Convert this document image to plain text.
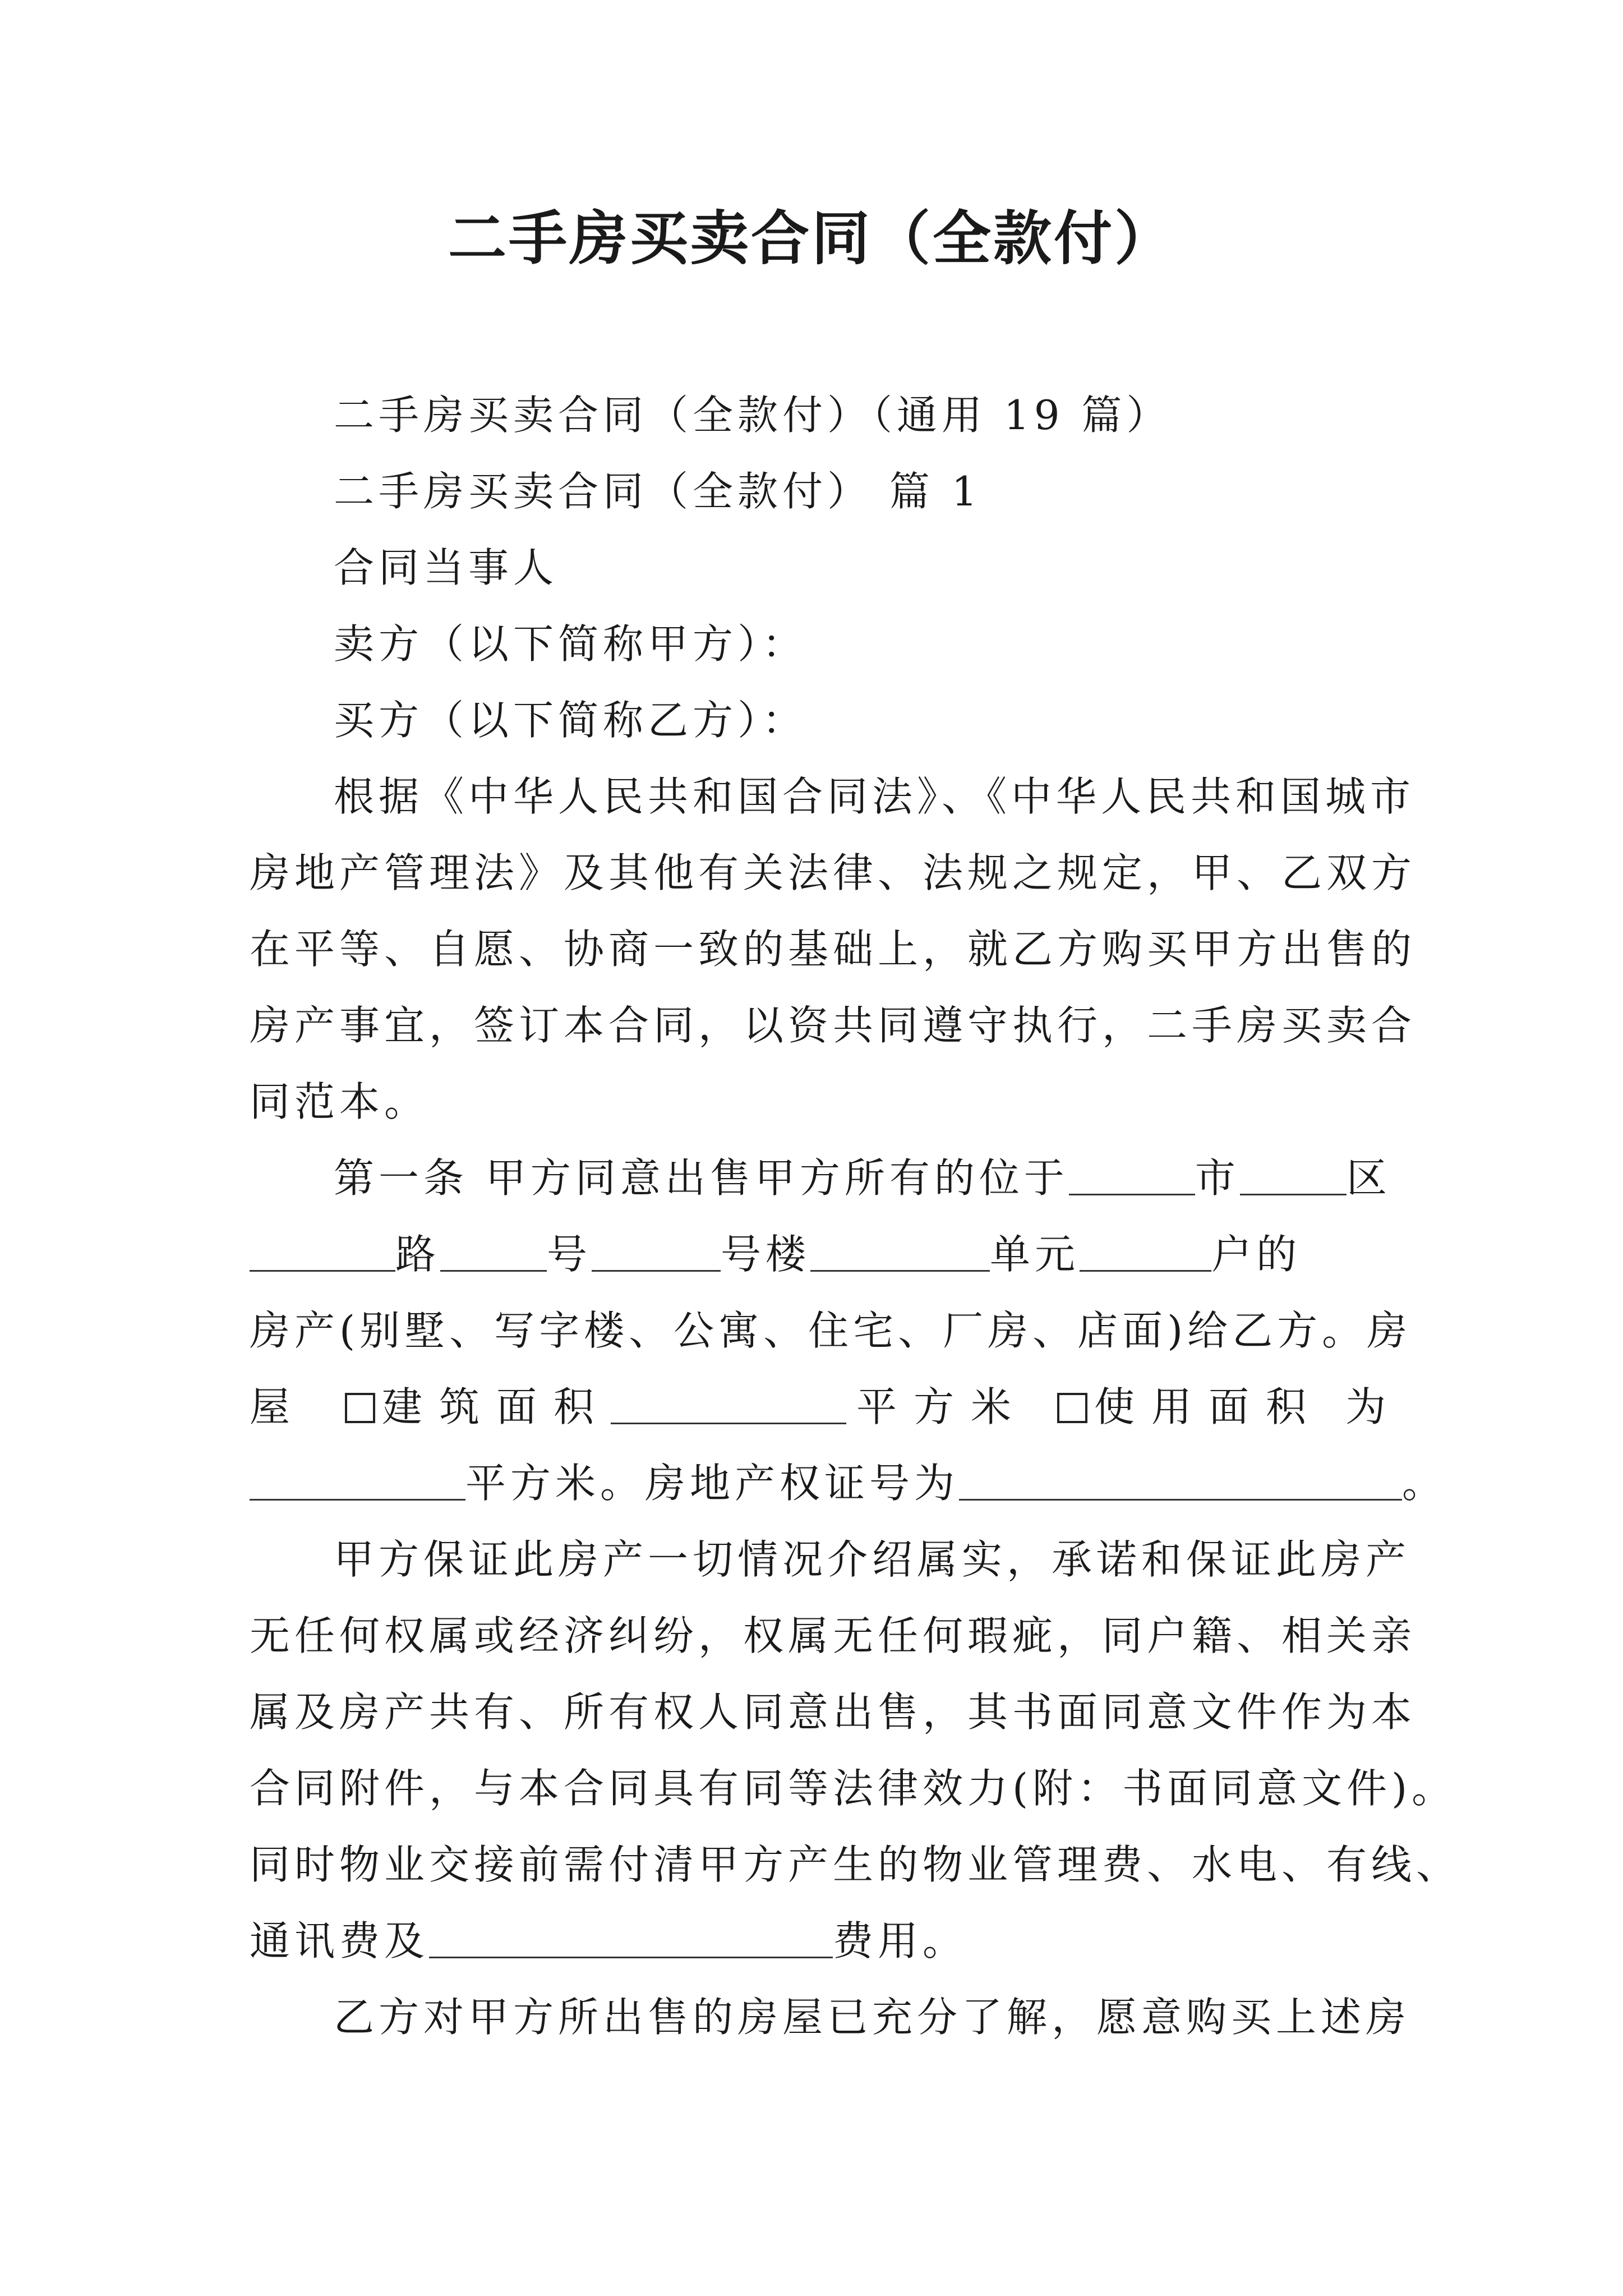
二手房买卖合同（全款付）
二手房买卖合同（全款付）（通用 19 篇）
二手房买卖合同（全款付） 篇 1
合同当事人
卖方（以下简称甲方）：
买方（以下简称乙方）：
根据《中华人民共和国合同法》、《中华人民共和国城市
房地产管理法》及其他有关法律、法规之规定，甲、乙双方
在平等、自愿、协商一致的基础上，就乙方购买甲方出售的
房产事宜，签订本合同，以资共同遵守执行，二手房买卖合
同范本。
第一条 甲方同意出售甲方所有的位于	市	区
路	号	号楼	单元	户的
房产(别墅、写字楼、公寓、住宅、厂房、店面)给乙方。房
屋 建筑面积	平方米 使用面积 为
平方米。房地产权证号为	。
甲方保证此房产一切情况介绍属实，承诺和保证此房产
无任何权属或经济纠纷，权属无任何瑕疵，同户籍、相关亲
属及房产共有、所有权人同意出售，其书面同意文件作为本
合同附件，与本合同具有同等法律效力(附：书面同意文件)。
同时物业交接前需付清甲方产生的物业管理费、水电、有线、
通讯费及	费用。
乙方对甲方所出售的房屋已充分了解，愿意购买上述房
